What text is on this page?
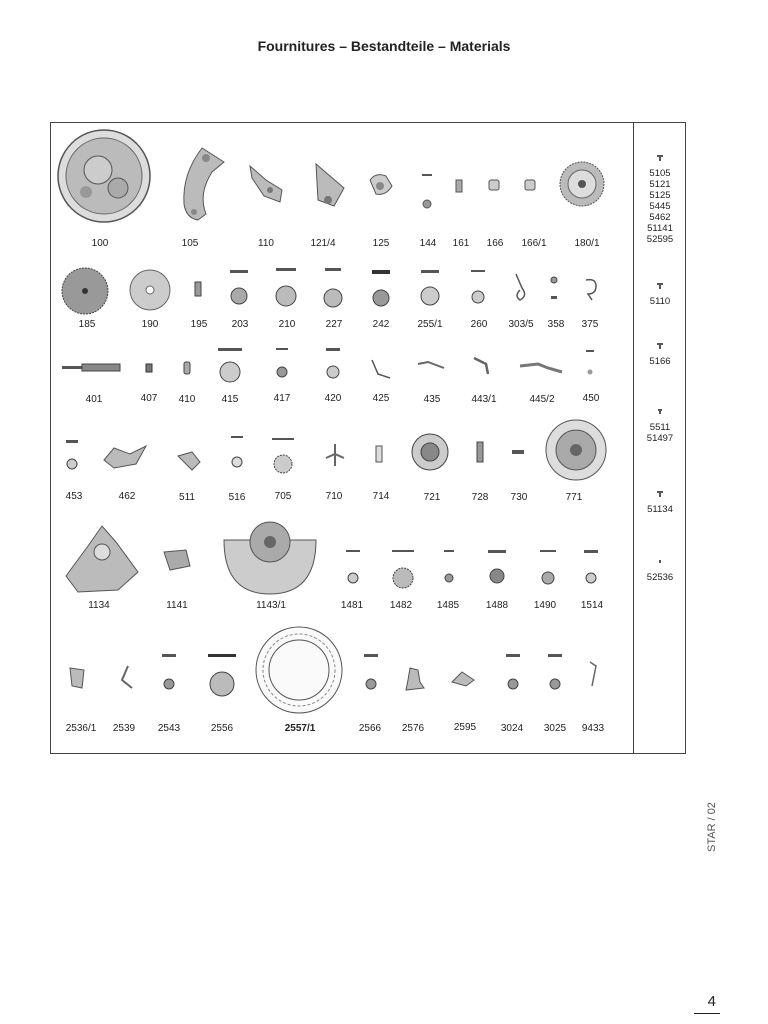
Fournitures – Bestandteile – Materials
100	105	110	121/4	125	144 161 166 166/1	180/1
185	190	195 203	210	227	242	255/1	260 303/5 358 375
401	407 410	415	417	420	425	435	443/1	445/2	450
453	462	511	516	705	710	714	721	728 730	771
1134	1141	1143/1	1481	1482 1485	1488	1490 1514
2536/1 2539 2543	2556	2557/1	2566 2576	2595 3024 3025 9433
5105
5121
5125
5445
5462
51141
52595
5110
5166
5511
51497
51134
52536
STAR / 02
4
